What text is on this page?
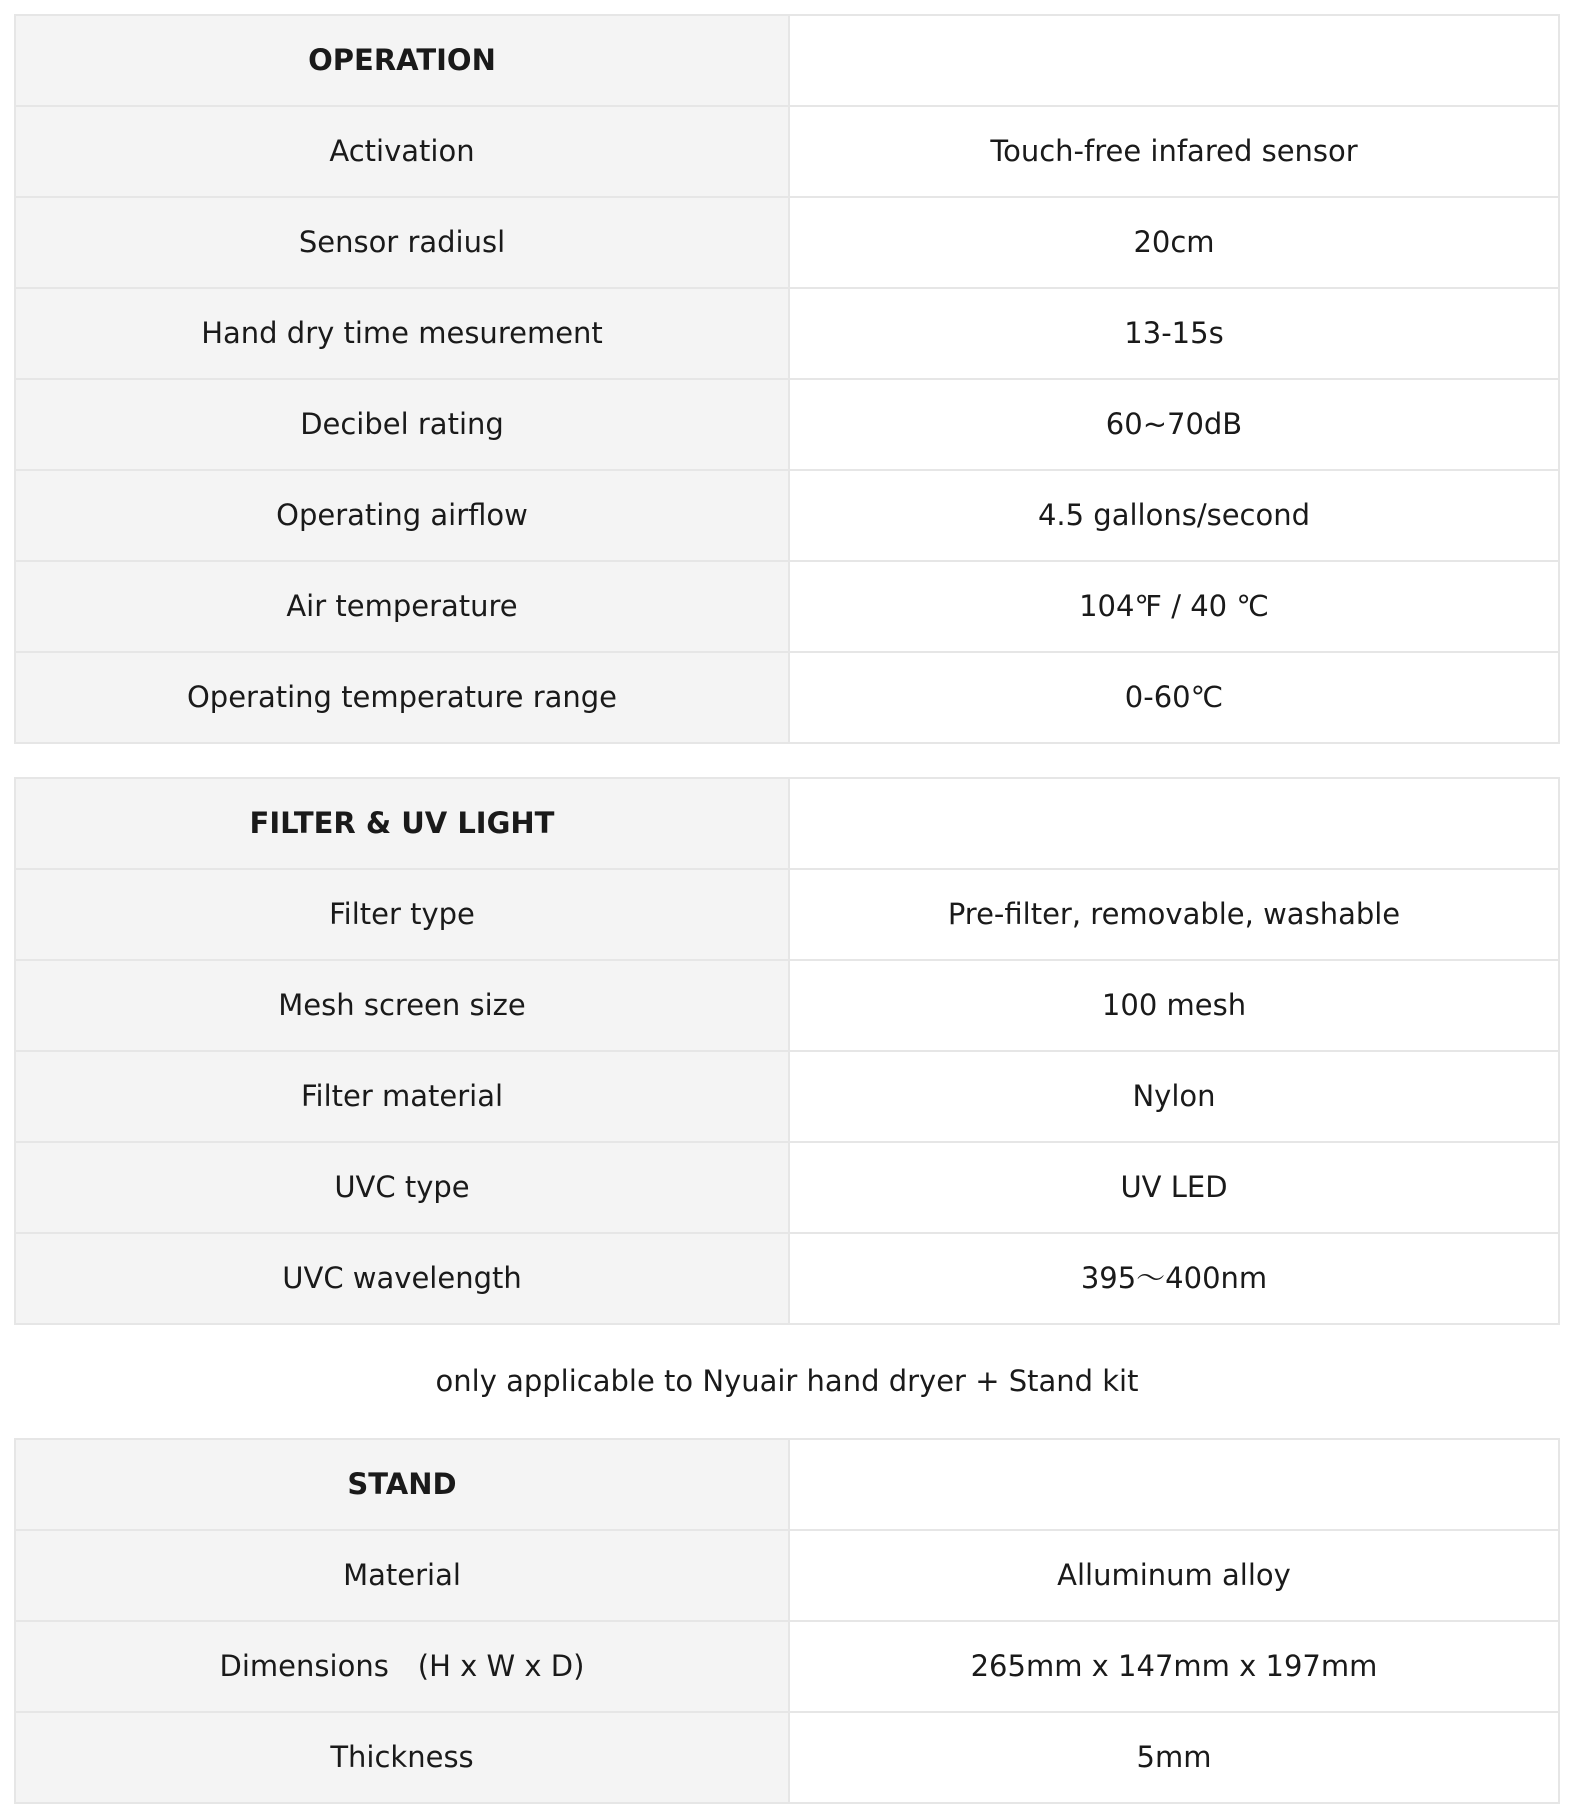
OPERATION	
Activation	Touch-free infared sensor
Sensor radiusl	20cm
Hand dry time mesurement	13-15s
Decibel rating	60~70dB
Operating airflow	4.5 gallons/second
Air temperature	104℉ / 40 ℃
Operating temperature range	0-60℃
FILTER & UV LIGHT	
Filter type	Pre-filter, removable, washable
Mesh screen size	100 mesh
Filter material	Nylon
UVC type	UV LED
UVC wavelength	395～400nm
only applicable to Nyuair hand dryer + Stand kit
STAND	
Material	Alluminum alloy
Dimensions　(H x W x D)	265mm x 147mm x 197mm
Thickness	5mm
